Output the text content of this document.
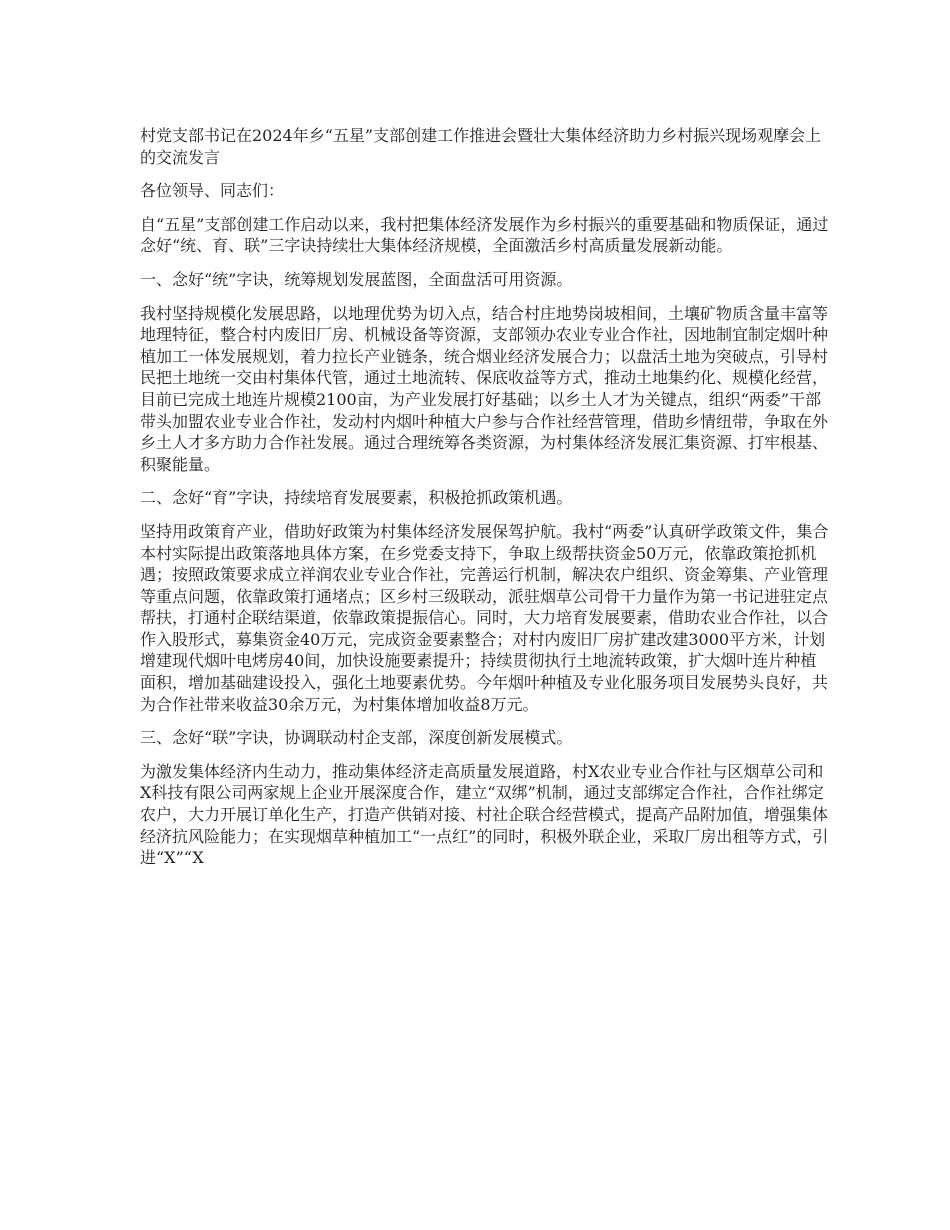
村党支部书记在2024年乡“五星”支部创建工作推进会暨壮大集体经济助力乡村振兴现场观摩会上的交流发言
各位领导、同志们：
自“五星”支部创建工作启动以来，我村把集体经济发展作为乡村振兴的重要基础和物质保证，通过念好“统、育、联”三字诀持续壮大集体经济规模，全面激活乡村高质量发展新动能。
一、念好“统”字诀，统筹规划发展蓝图，全面盘活可用资源。
我村坚持规模化发展思路，以地理优势为切入点，结合村庄地势岗坡相间，土壤矿物质含量丰富等地理特征，整合村内废旧厂房、机械设备等资源，支部领办农业专业合作社，因地制宜制定烟叶种植加工一体发展规划，着力拉长产业链条，统合烟业经济发展合力；以盘活土地为突破点，引导村民把土地统一交由村集体代管，通过土地流转、保底收益等方式，推动土地集约化、规模化经营，目前已完成土地连片规模2100亩，为产业发展打好基础；以乡土人才为关键点，组织“两委”干部带头加盟农业专业合作社，发动村内烟叶种植大户参与合作社经营管理，借助乡情纽带，争取在外乡土人才多方助力合作社发展。通过合理统筹各类资源，为村集体经济发展汇集资源、打牢根基、积聚能量。
二、念好“育”字诀，持续培育发展要素，积极抢抓政策机遇。
坚持用政策育产业，借助好政策为村集体经济发展保驾护航。我村“两委”认真研学政策文件，集合本村实际提出政策落地具体方案，在乡党委支持下，争取上级帮扶资金50万元，依靠政策抢抓机遇；按照政策要求成立祥润农业专业合作社，完善运行机制，解决农户组织、资金筹集、产业管理等重点问题，依靠政策打通堵点；区乡村三级联动，派驻烟草公司骨干力量作为第一书记进驻定点帮扶，打通村企联结渠道，依靠政策提振信心。同时，大力培育发展要素，借助农业合作社，以合作入股形式，募集资金40万元，完成资金要素整合；对村内废旧厂房扩建改建3000平方米，计划增建现代烟叶电烤房40间，加快设施要素提升；持续贯彻执行土地流转政策，扩大烟叶连片种植面积，增加基础建设投入，强化土地要素优势。今年烟叶种植及专业化服务项目发展势头良好，共为合作社带来收益30余万元，为村集体增加收益8万元。
三、念好“联”字诀，协调联动村企支部，深度创新发展模式。
为激发集体经济内生动力，推动集体经济走高质量发展道路，村X农业专业合作社与区烟草公司和X科技有限公司两家规上企业开展深度合作，建立“双绑”机制，通过支部绑定合作社，合作社绑定农户，大力开展订单化生产，打造产供销对接、村社企联合经营模式，提高产品附加值，增强集体经济抗风险能力；在实现烟草种植加工“一点红”的同时，积极外联企业，采取厂房出租等方式，引进“X”“X
